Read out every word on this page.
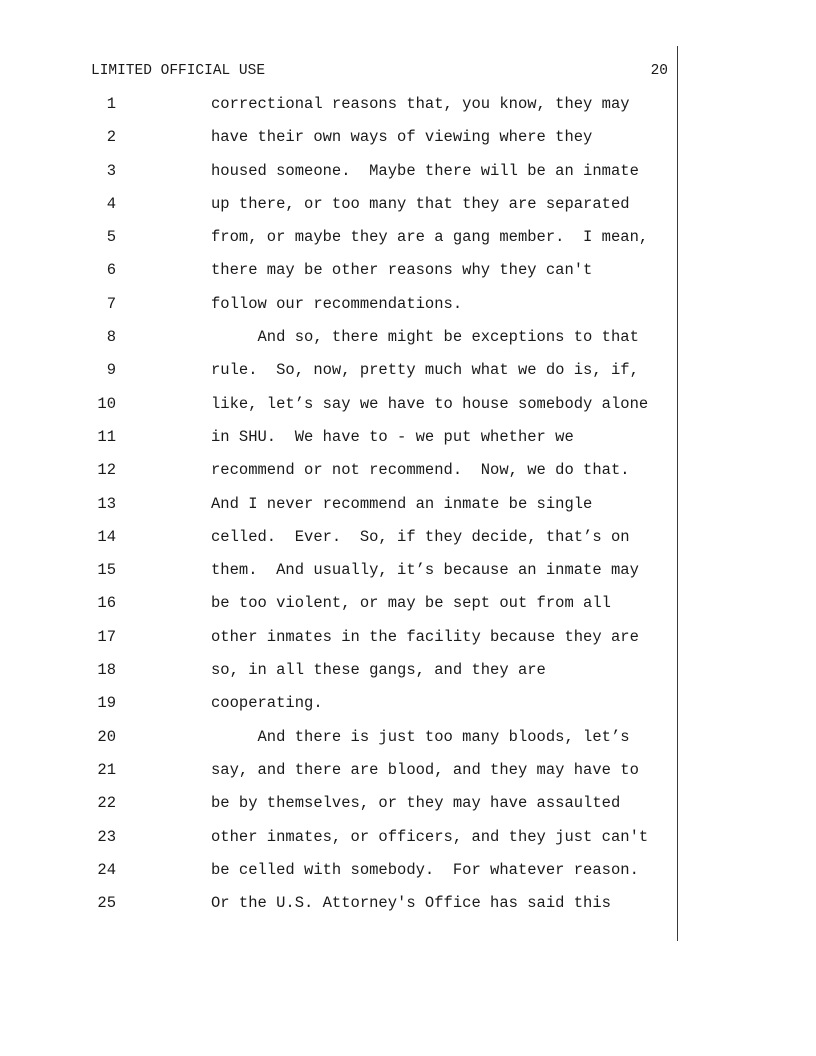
LIMITED OFFICIAL USE	20
1	correctional reasons that, you know, they may
2	have their own ways of viewing where they
3	housed someone.  Maybe there will be an inmate
4	up there, or too many that they are separated
5	from, or maybe they are a gang member.  I mean,
6	there may be other reasons why they can't
7	follow our recommendations.
8	And so, there might be exceptions to that
9	rule.  So, now, pretty much what we do is, if,
10	like, let’s say we have to house somebody alone
11	in SHU.  We have to - we put whether we
12	recommend or not recommend.  Now, we do that.
13	And I never recommend an inmate be single
14	celled.  Ever.  So, if they decide, that’s on
15	them.  And usually, it’s because an inmate may
16	be too violent, or may be sept out from all
17	other inmates in the facility because they are
18	so, in all these gangs, and they are
19	cooperating.
20	And there is just too many bloods, let’s
21	say, and there are blood, and they may have to
22	be by themselves, or they may have assaulted
23	other inmates, or officers, and they just can't
24	be celled with somebody.  For whatever reason.
25	Or the U.S. Attorney's Office has said this
